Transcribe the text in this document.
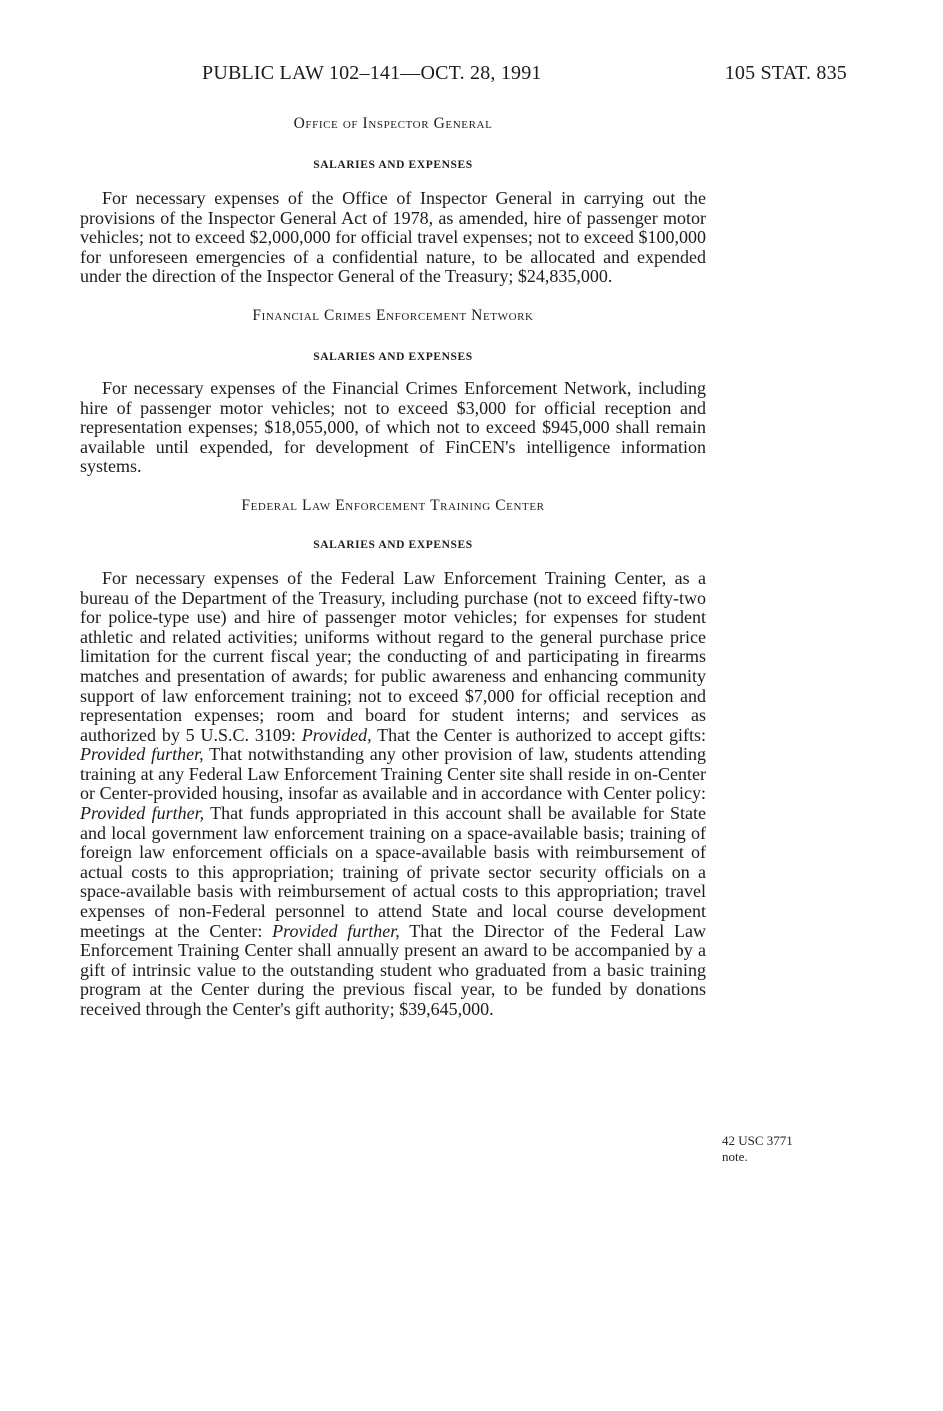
PUBLIC LAW 102–141—OCT. 28, 1991	105 STAT. 835
Office of Inspector General
SALARIES AND EXPENSES

For necessary expenses of the Office of Inspector General in carrying out the provisions of the Inspector General Act of 1978, as amended, hire of passenger motor vehicles; not to exceed $2,000,000 for official travel expenses; not to exceed $100,000 for unforeseen emergencies of a confidential nature, to be allocated and expended under the direction of the Inspector General of the Treasury; $24,835,000.

Financial Crimes Enforcement Network
SALARIES AND EXPENSES

For necessary expenses of the Financial Crimes Enforcement Network, including hire of passenger motor vehicles; not to exceed $3,000 for official reception and representation expenses; $18,055,000, of which not to exceed $945,000 shall remain available until expended, for development of FinCEN's intelligence information systems.

Federal Law Enforcement Training Center
SALARIES AND EXPENSES

For necessary expenses of the Federal Law Enforcement Training Center, as a bureau of the Department of the Treasury, including purchase (not to exceed fifty-two for police-type use) and hire of passenger motor vehicles; for expenses for student athletic and related activities; uniforms without regard to the general purchase price limitation for the current fiscal year; the conducting of and participating in firearms matches and presentation of awards; for public awareness and enhancing community support of law enforcement training; not to exceed $7,000 for official reception and representation expenses; room and board for student interns; and services as authorized by 5 U.S.C. 3109: Provided, That the Center is authorized to accept gifts: Provided further, That notwithstanding any other provision of law, students attending training at any Federal Law Enforcement Training Center site shall reside in on-Center or Center-provided housing, insofar as available and in accordance with Center policy: Provided further, That funds appropriated in this account shall be available for State and local government law enforcement training on a space-available basis; training of foreign law enforcement officials on a space-available basis with reimbursement of actual costs to this appropriation; training of private sector security officials on a space-available basis with reimbursement of actual costs to this appropriation; travel expenses of non-Federal personnel to attend State and local course development meetings at the Center: Provided further, That the Director of the Federal Law Enforcement Training Center shall annually present an award to be accompanied by a gift of intrinsic value to the outstanding student who graduated from a basic training program at the Center during the previous fiscal year, to be funded by donations received through the Center's gift authority; $39,645,000.

42 USC 3771
note.
